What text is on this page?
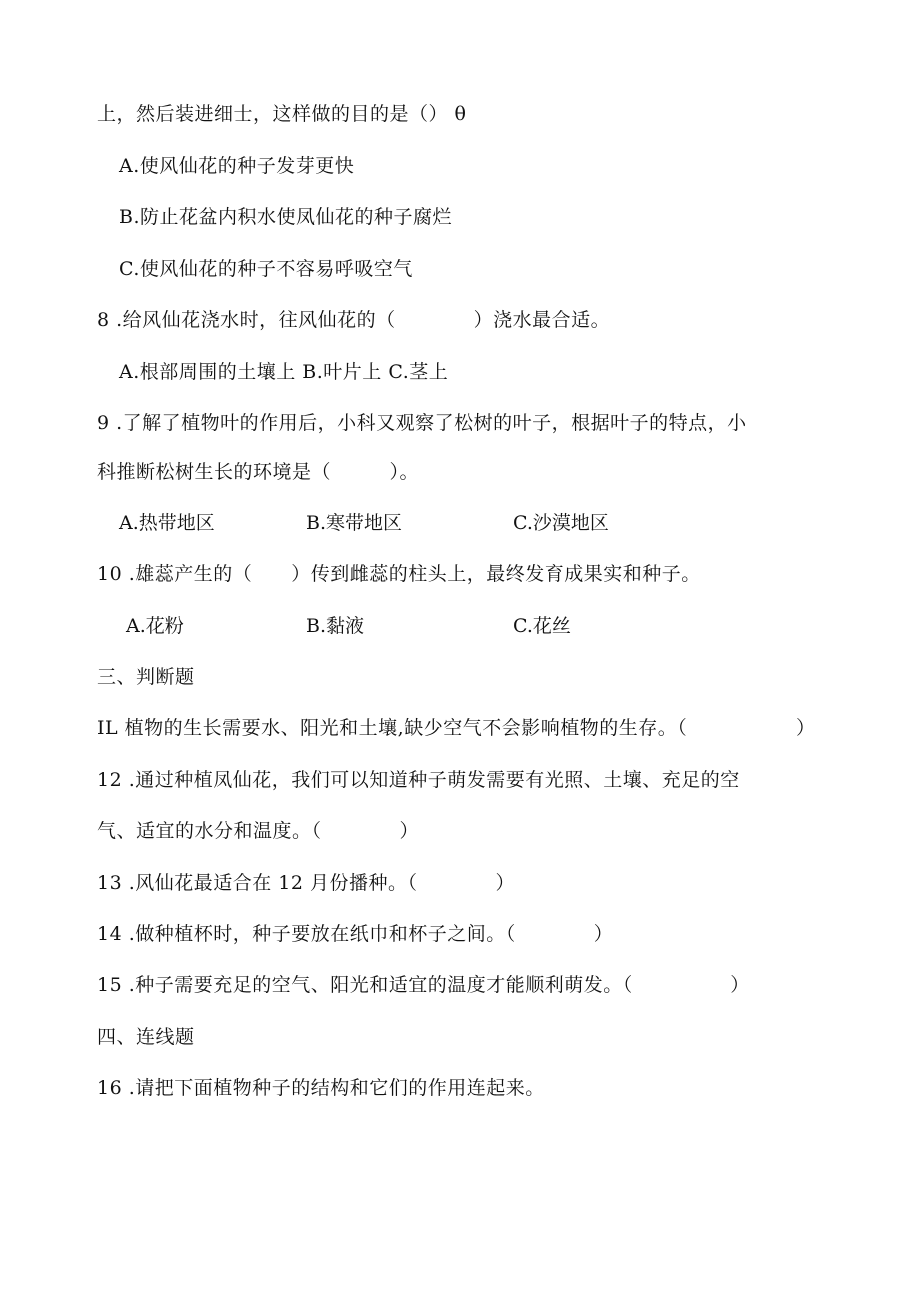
上，然后装进细士，这样做的目的是（） θ
A.使风仙花的种子发芽更快
B.防止花盆内积水使凤仙花的种子腐烂
C.使风仙花的种子不容易呼吸空气
8 .给风仙花浇水时，往风仙花的（　　　　）浇水最合适。
A.根部周围的土壤上 B.叶片上 C.茎上
9 .了解了植物叶的作用后，小科又观察了松树的叶子，根据叶子的特点，小
科推断松树生长的环境是（　　　）。
A.热带地区	B.寒带地区	C.沙漠地区
10 .雄蕊产生的（　　）传到雌蕊的柱头上，最终发育成果实和种子。
A.花粉	B.黏液	C.花丝
三、判断题
IL 植物的生长需要水、阳光和土壤,缺少空气不会影响植物的生存。（	）
12 .通过种植凤仙花，我们可以知道种子萌发需要有光照、土壤、充足的空
气、适宜的水分和温度。（　　　　）
13 .风仙花最适合在 12 月份播种。（　　　　）
14 .做种植杯时，种子要放在纸巾和杯子之间。（　　　　）
15 .种子需要充足的空气、阳光和适宜的温度才能顺利萌发。（　　　　　）
四、连线题
16 .请把下面植物种子的结构和它们的作用连起来。
